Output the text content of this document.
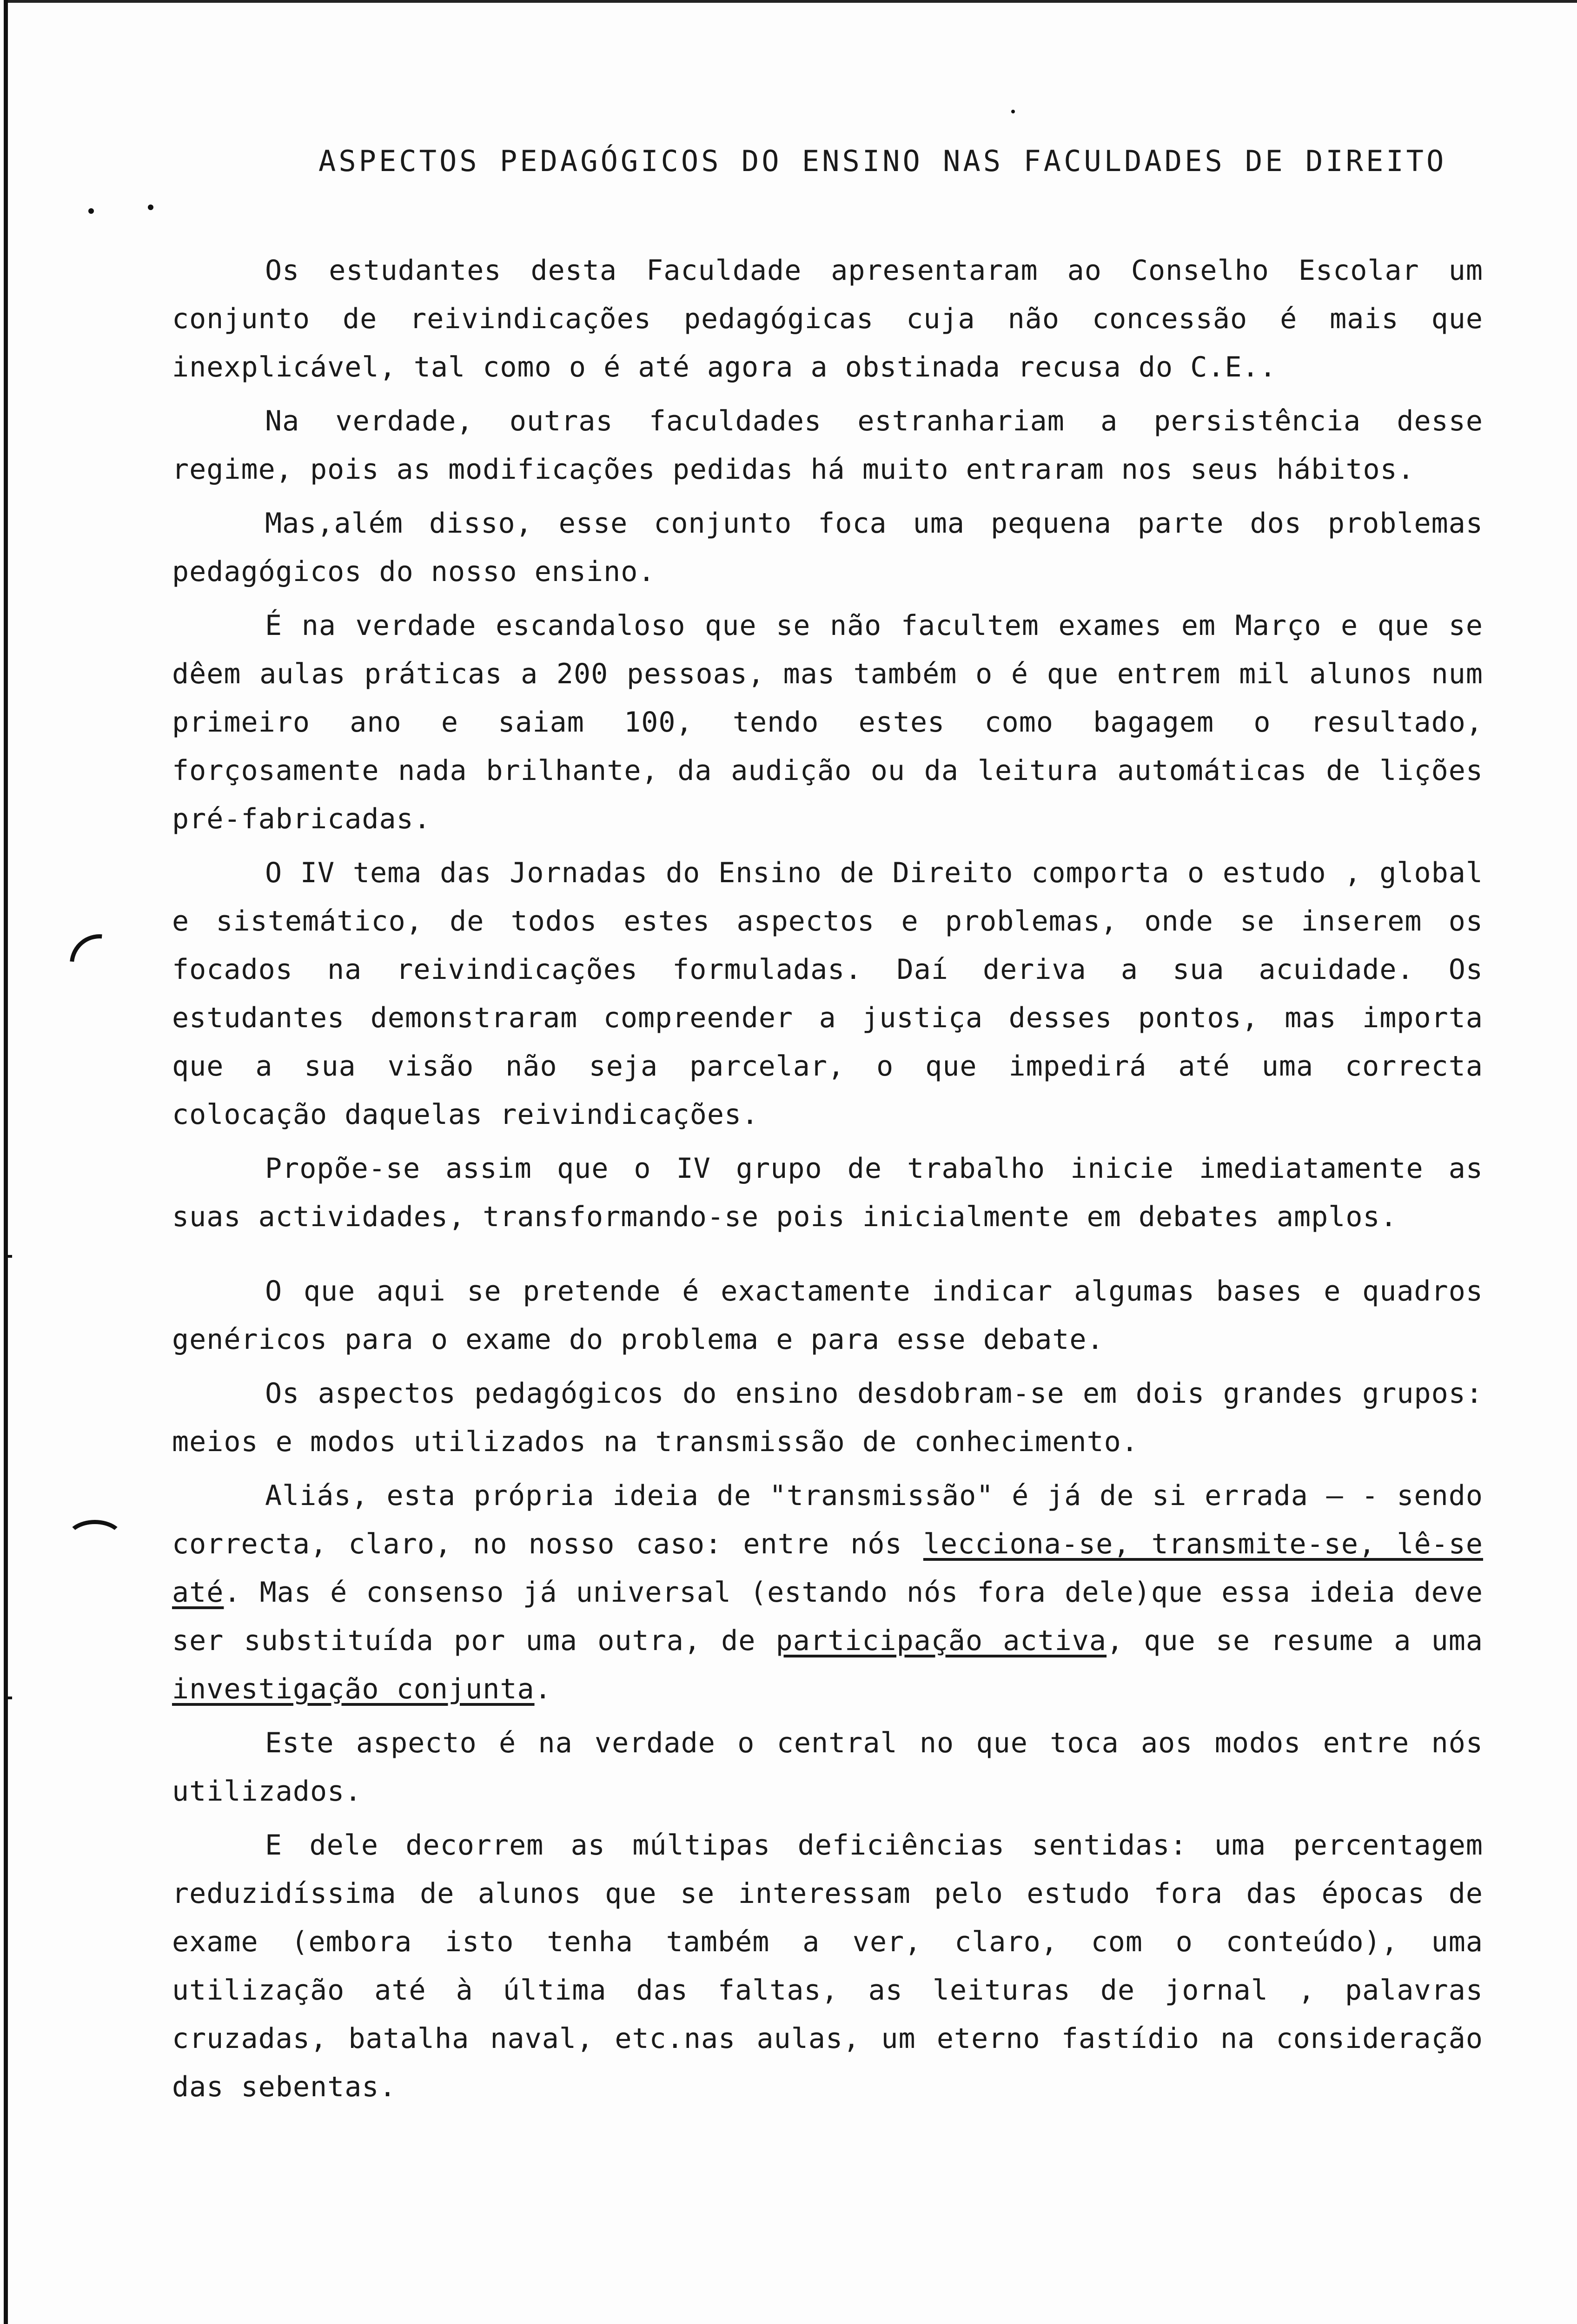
ASPECTOS PEDAGÓGICOS DO ENSINO NAS FACULDADES DE DIREITO

Os estudantes desta Faculdade apresentaram ao Conselho Escolar um conjunto de reivindicações pedagógicas cuja não concessão é mais que inexplicável, tal como o é até agora a obstinada recusa do C.E..

Na verdade, outras faculdades estranhariam a persistência desse regime, pois as modificações pedidas há muito entraram nos seus hábitos.

Mas,além disso, esse conjunto foca uma pequena parte dos problemas pedagógicos do nosso ensino.

É na verdade escandaloso que se não facultem exames em Março e que se dêem aulas práticas a 200 pessoas, mas também o é que entrem mil alunos num primeiro ano e saiam 100, tendo estes como bagagem o resultado, forçosamente nada brilhante, da audição ou da leitura automáticas de lições pré-fabricadas.

O IV tema das Jornadas do Ensino de Direito comporta o estudo , global e sistemático, de todos estes aspectos e problemas, onde se inserem os focados na reivindicações formuladas. Daí deriva a sua acuidade. Os estudantes demonstraram compreender a justiça desses pontos, mas importa que a sua visão não seja parcelar, o que impedirá até uma correcta colocação daquelas reivindicações.

Propõe-se assim que o IV grupo de trabalho inicie imediatamente as suas actividades, transformando-se pois inicialmente em debates amplos.

O que aqui se pretende é exactamente indicar algumas bases e quadros genéricos para o exame do problema e para esse debate.

Os aspectos pedagógicos do ensino desdobram-se em dois grandes grupos: meios e modos utilizados na transmissão de conhecimento.

Aliás, esta própria ideia de "transmissão" é já de si errada — - sendo correcta, claro, no nosso caso: entre nós lecciona-se, transmite-se, lê-se até. Mas é consenso já universal (estando nós fora dele)que essa ideia deve ser substituída por uma outra, de participação activa, que se resume a uma investigação conjunta.

Este aspecto é na verdade o central no que toca aos modos entre nós utilizados.

E dele decorrem as múltipas deficiências sentidas: uma percentagem reduzidíssima de alunos que se interessam pelo estudo fora das épocas de exame (embora isto tenha também a ver, claro, com o conteúdo), uma utilização até à última das faltas, as leituras de jornal , palavras cruzadas, batalha naval, etc.nas aulas, um eterno fastídio na consideração das sebentas.
